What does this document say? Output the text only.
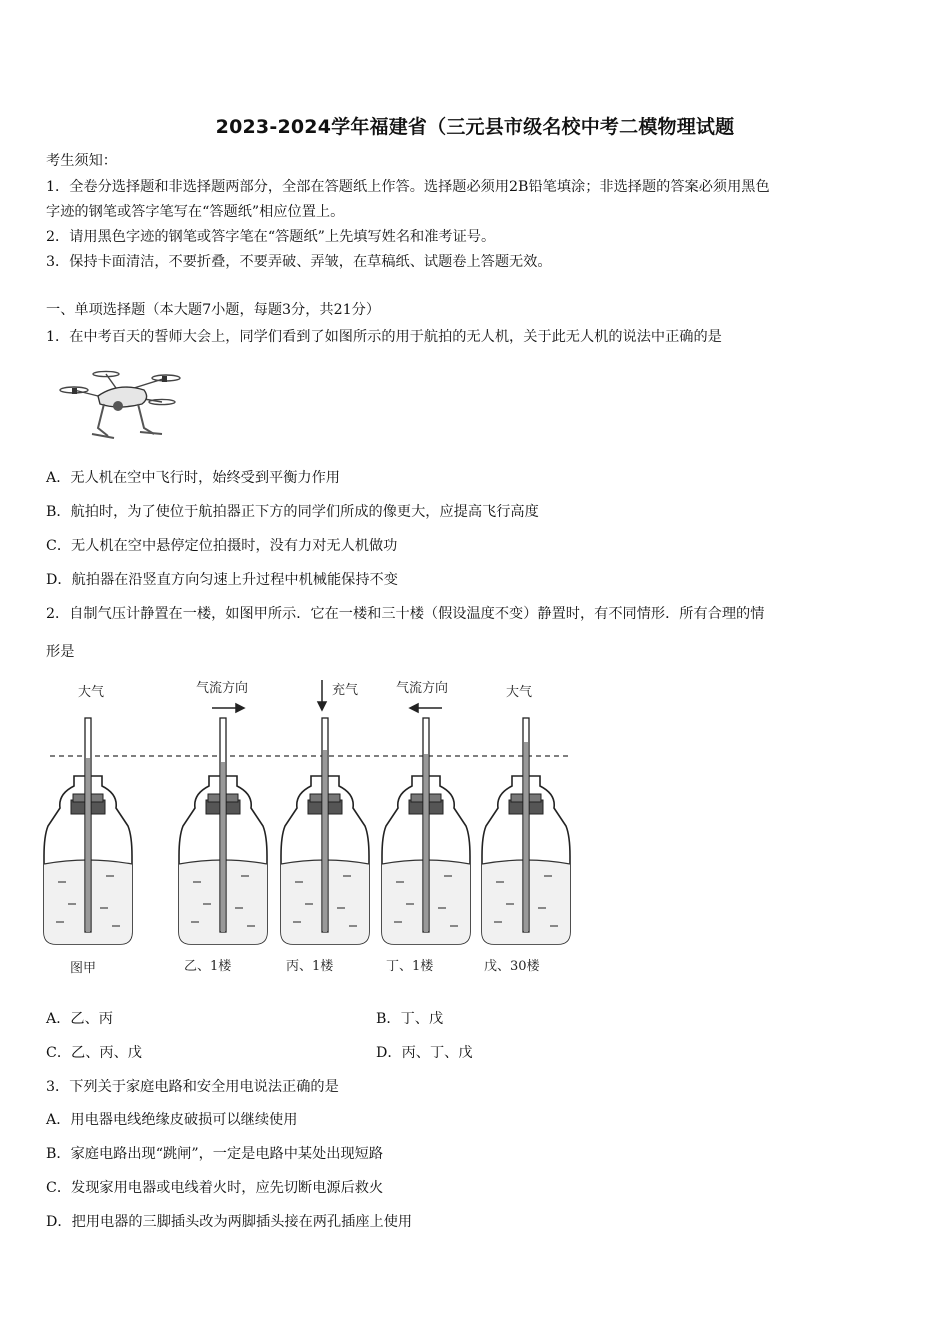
2023-2024学年福建省（三元县市级名校中考二模物理试题
考生须知：
1．全卷分选择题和非选择题两部分，全部在答题纸上作答。选择题必须用2B铅笔填涂；非选择题的答案必须用黑色
字迹的钢笔或答字笔写在“答题纸”相应位置上。
2．请用黑色字迹的钢笔或答字笔在“答题纸”上先填写姓名和准考证号。
3．保持卡面清洁，不要折叠，不要弄破、弄皱，在草稿纸、试题卷上答题无效。
一、单项选择题（本大题7小题，每题3分，共21分）
1．在中考百天的誓师大会上，同学们看到了如图所示的用于航拍的无人机，关于此无人机的说法中正确的是
A．无人机在空中飞行时，始终受到平衡力作用
B．航拍时，为了使位于航拍器正下方的同学们所成的像更大，应提高飞行高度
C．无人机在空中悬停定位拍摄时，没有力对无人机做功
D．航拍器在沿竖直方向匀速上升过程中机械能保持不变
2．自制气压计静置在一楼，如图甲所示．它在一楼和三十楼（假设温度不变）静置时，有不同情形．所有合理的情
形是
大气	气流方向	充气	气流方向	大气
图甲	乙、1楼	丙、1楼	丁、1楼	戊、30楼
A．乙、丙	B．丁、戊
C．乙、丙、戊	D．丙、丁、戊
3．下列关于家庭电路和安全用电说法正确的是
A．用电器电线绝缘皮破损可以继续使用
B．家庭电路出现“跳闸”，一定是电路中某处出现短路
C．发现家用电器或电线着火时，应先切断电源后救火
D．把用电器的三脚插头改为两脚插头接在两孔插座上使用
